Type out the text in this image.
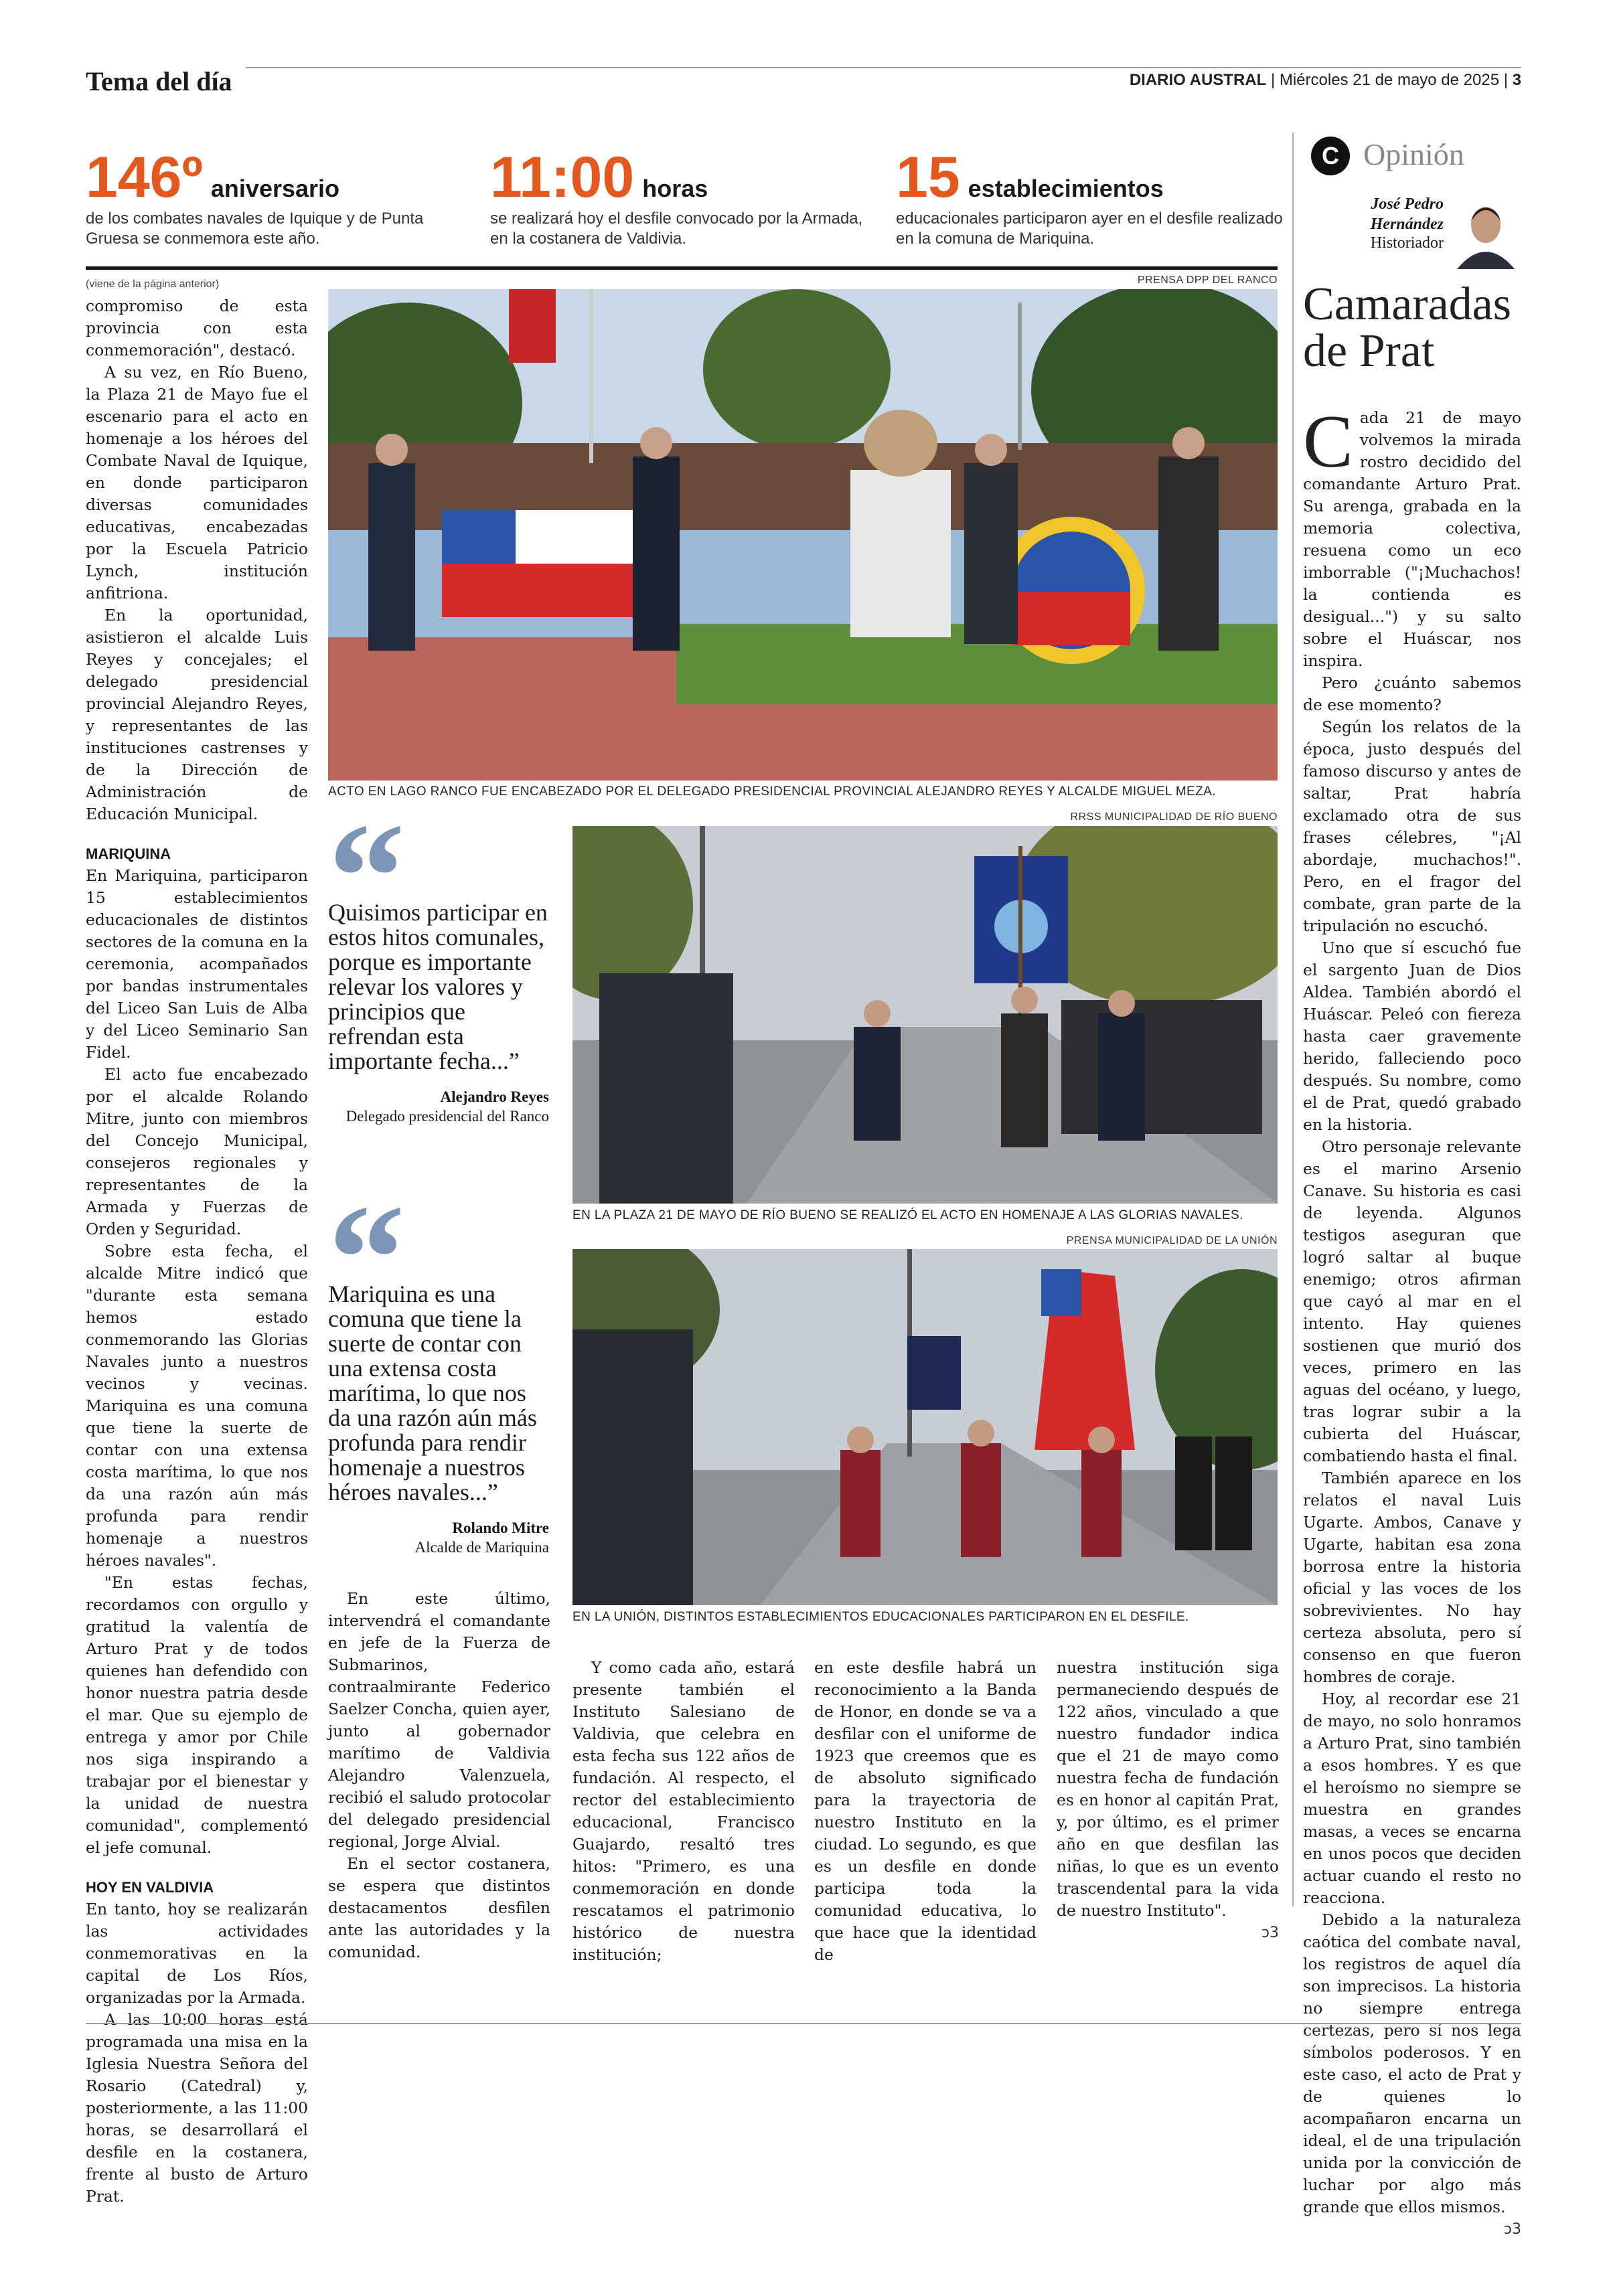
Tema del día	DIARIO AUSTRAL | Miércoles 21 de mayo de 2025 | 3
146º aniversario
de los combates navales de Iquique y de Punta Gruesa se conmemora este año.
11:00 horas
se realizará hoy el desfile convocado por la Armada, en la costanera de Valdivia.
15 establecimientos
educacionales participaron ayer en el desfile realizado en la comuna de Mariquina.
(viene de la página anterior)

compromiso de esta provincia con esta conmemoración", destacó.

A su vez, en Río Bueno, la Plaza 21 de Mayo fue el escenario para el acto en homenaje a los héroes del Combate Naval de Iquique, en donde participaron diversas comunidades educativas, encabezadas por la Escuela Patricio Lynch, institución anfitriona.

En la oportunidad, asistieron el alcalde Luis Reyes y concejales; el delegado presidencial provincial Alejandro Reyes, y representantes de las instituciones castrenses y de la Dirección de Administración de Educación Municipal.

MARIQUINA

En Mariquina, participaron 15 establecimientos educacionales de distintos sectores de la comuna en la ceremonia, acompañados por bandas instrumentales del Liceo San Luis de Alba y del Liceo Seminario San Fidel.

El acto fue encabezado por el alcalde Rolando Mitre, junto con miembros del Concejo Municipal, consejeros regionales y representantes de la Armada y Fuerzas de Orden y Seguridad.

Sobre esta fecha, el alcalde Mitre indicó que "durante esta semana hemos estado conmemorando las Glorias Navales junto a nuestros vecinos y vecinas. Mariquina es una comuna que tiene la suerte de contar con una extensa costa marítima, lo que nos da una razón aún más profunda para rendir homenaje a nuestros héroes navales".

"En estas fechas, recordamos con orgullo y gratitud la valentía de Arturo Prat y de todos quienes han defendido con honor nuestra patria desde el mar. Que su ejemplo de entrega y amor por Chile nos siga inspirando a trabajar por el bienestar y la unidad de nuestra comunidad", complementó el jefe comunal.

HOY EN VALDIVIA

En tanto, hoy se realizarán las actividades conmemorativas en la capital de Los Ríos, organizadas por la Armada.

A las 10:00 horas está programada una misa en la Iglesia Nuestra Señora del Rosario (Catedral) y, posteriormente, a las 11:00 horas, se desarrollará el desfile en la costanera, frente al busto de Arturo Prat.

PRENSA DPP DEL RANCO
ACTO EN LAGO RANCO FUE ENCABEZADO POR EL DELEGADO PRESIDENCIAL PROVINCIAL ALEJANDRO REYES Y ALCALDE MIGUEL MEZA.
Quisimos participar en estos hitos comunales, porque es importante relevar los valores y principios que refrendan esta importante fecha...”
Alejandro Reyes
Delegado presidencial del Ranco
Mariquina es una comuna que tiene la suerte de contar con una extensa costa marítima, lo que nos da una razón aún más profunda para rendir homenaje a nuestros héroes navales...”
Rolando Mitre
Alcalde de Mariquina
RRSS MUNICIPALIDAD DE RÍO BUENO
EN LA PLAZA 21 DE MAYO DE RÍO BUENO SE REALIZÓ EL ACTO EN HOMENAJE A LAS GLORIAS NAVALES.
PRENSA MUNICIPALIDAD DE LA UNIÓN
EN LA UNIÓN, DISTINTOS ESTABLECIMIENTOS EDUCACIONALES PARTICIPARON EN EL DESFILE.

En este último, intervendrá el comandante en jefe de la Fuerza de Submarinos, contraalmirante Federico Saelzer Concha, quien ayer, junto al gobernador marítimo de Valdivia Alejandro Valenzuela, recibió el saludo protocolar del delegado presidencial regional, Jorge Alvial.

En el sector costanera, se espera que distintos destacamentos desfilen ante las autoridades y la comunidad.

Y como cada año, estará presente también el Instituto Salesiano de Valdivia, que celebra en esta fecha sus 122 años de fundación. Al respecto, el rector del establecimiento educacional, Francisco Guajardo, resaltó tres hitos: "Primero, es una conmemoración en donde rescatamos el patrimonio histórico de nuestra institución;

en este desfile habrá un reconocimiento a la Banda de Honor, en donde se va a desfilar con el uniforme de 1923 que creemos que es de absoluto significado para la trayectoria de nuestro Instituto en la ciudad. Lo segundo, es que es un desfile en donde participa toda la comunidad educativa, lo que hace que la identidad de

nuestra institución siga permaneciendo después de 122 años, vinculado a que nuestro fundador indica que el 21 de mayo como nuestra fecha de fundación es en honor al capitán Prat, y, por último, es el primer año en que desfilan las niñas, lo que es un evento trascendental para la vida de nuestro Instituto".

ↄ3
C Opinión
José Pedro Hernández
Historiador
Camaradas de Prat

Cada 21 de mayo volvemos la mirada rostro decidido del comandante Arturo Prat. Su arenga, grabada en la memoria colectiva, resuena como un eco imborrable ("¡Muchachos! la contienda es desigual...") y su salto sobre el Huáscar, nos inspira.

Pero ¿cuánto sabemos de ese momento?

Según los relatos de la época, justo después del famoso discurso y antes de saltar, Prat habría exclamado otra de sus frases célebres, "¡Al abordaje, muchachos!". Pero, en el fragor del combate, gran parte de la tripulación no escuchó.

Uno que sí escuchó fue el sargento Juan de Dios Aldea. También abordó el Huáscar. Peleó con fiereza hasta caer gravemente herido, falleciendo poco después. Su nombre, como el de Prat, quedó grabado en la historia.

Otro personaje relevante es el marino Arsenio Canave. Su historia es casi de leyenda. Algunos testigos aseguran que logró saltar al buque enemigo; otros afirman que cayó al mar en el intento. Hay quienes sostienen que murió dos veces, primero en las aguas del océano, y luego, tras lograr subir a la cubierta del Huáscar, combatiendo hasta el final.

También aparece en los relatos el naval Luis Ugarte. Ambos, Canave y Ugarte, habitan esa zona borrosa entre la historia oficial y las voces de los sobrevivientes. No hay certeza absoluta, pero sí consenso en que fueron hombres de coraje.

Hoy, al recordar ese 21 de mayo, no solo honramos a Arturo Prat, sino también a esos hombres. Y es que el heroísmo no siempre se muestra en grandes masas, a veces se encarna en unos pocos que deciden actuar cuando el resto no reacciona.

Debido a la naturaleza caótica del combate naval, los registros de aquel día son imprecisos. La historia no siempre entrega certezas, pero sí nos lega símbolos poderosos. Y en este caso, el acto de Prat y de quienes lo acompañaron encarna un ideal, el de una tripulación unida por la convicción de luchar por algo más grande que ellos mismos.

ↄ3
